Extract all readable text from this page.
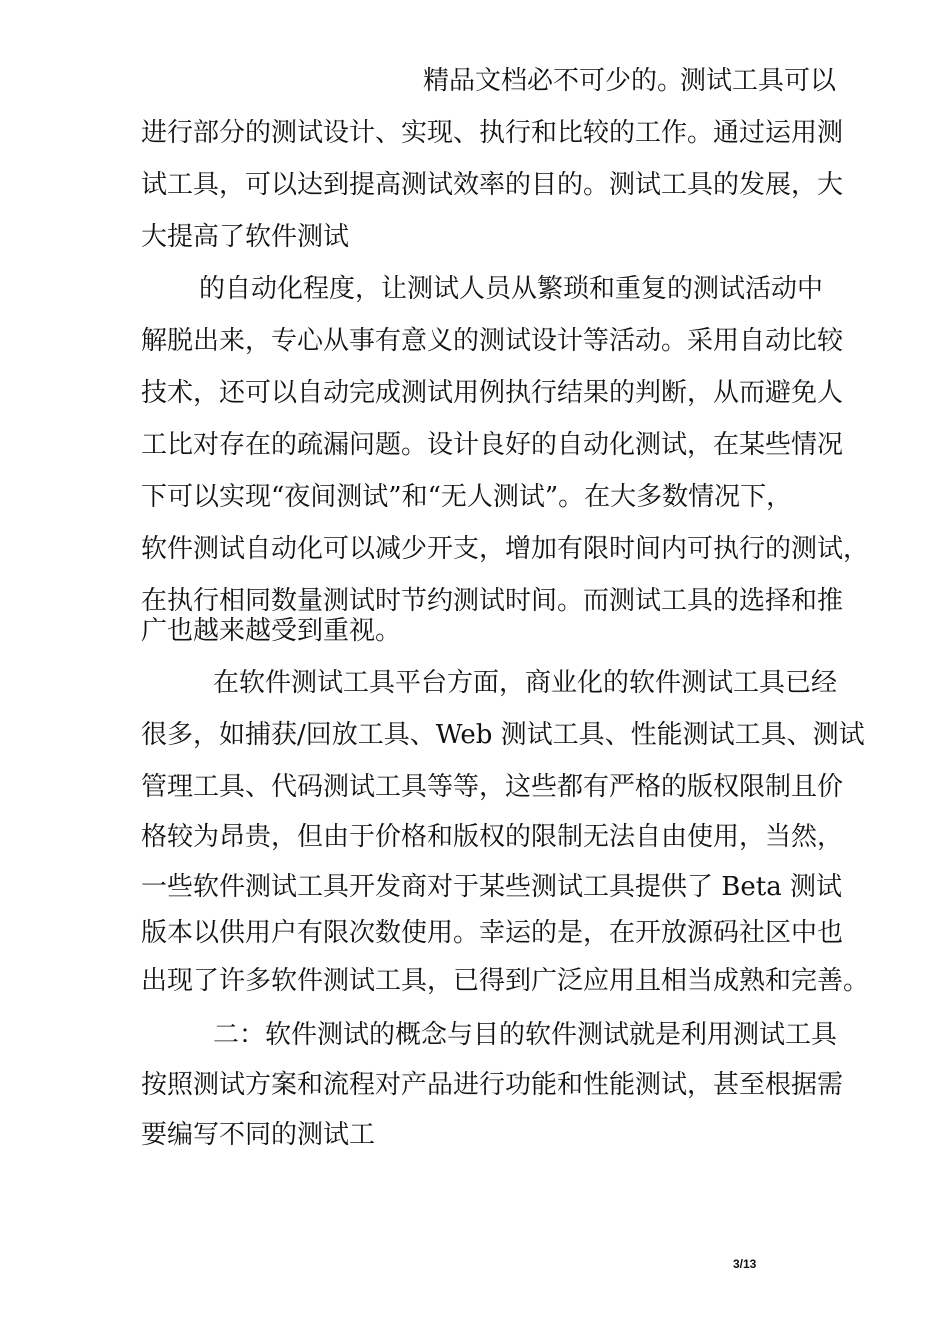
精品文档必不可少的。
测试工具可以
进行部分的测试设计、实现、执行和比较的工作。通过运用测
试工具，可以达到提高测试效率的目的。测试工具的发展，大
大提高了软件测试
的自动化程度，让测试人员从繁琐和重复的测试活动中
解脱出来，专心从事有意义的测试设计等活动。采用自动比较
技术，还可以自动完成测试用例执行结果的判断，从而避免人
工比对存在的疏漏问题。设计良好的自动化测试，在某些情况
下可以实现“夜间测试”和“无人测试”。在大多数情况下，
软件测试自动化可以减少开支，增加有限时间内可执行的测试，
在执行相同数量测试时节约测试时间。而测试工具的选择和推
广也越来越受到重视。
在软件测试工具平台方面，商业化的软件测试工具已经
很多，如捕获/回放工具、Web 测试工具、性能测试工具、测试
管理工具、代码测试工具等等，这些都有严格的版权限制且价
格较为昂贵，但由于价格和版权的限制无法自由使用，当然，
一些软件测试工具开发商对于某些测试工具提供了 Beta 测试
版本以供用户有限次数使用。幸运的是，在开放源码社区中也
出现了许多软件测试工具，已得到广泛应用且相当成熟和完善。
二：软件测试的概念与目的软件测试就是利用测试工具
按照测试方案和流程对产品进行功能和性能测试，甚至根据需
要编写不同的测试工
3/13
